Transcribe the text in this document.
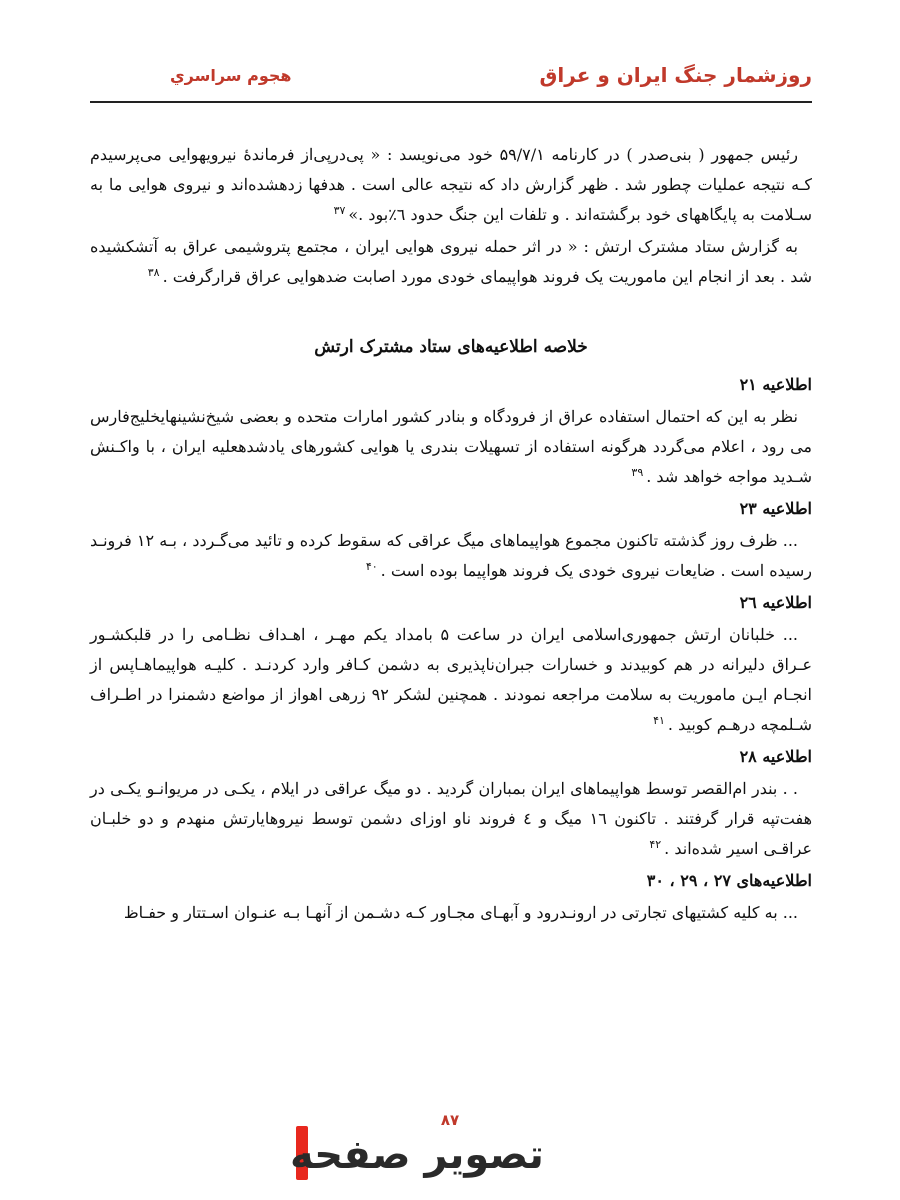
روزشمار جنگ ایران و عراق
هجوم سراسري

رئیس جمهور ( بنی‌صدر ) در کارنامه ۵۹/۷/۱ خود می‌نویسد : « پی‌درپی‌از فرماندهٔ نیرویهوایی می‌پرسیدم کـه نتیجه عملیات چطور شد . ظهر گزارش داد که نتیجه عالی است . هدفها زدهشده‌اند و نیروی هوایی ما به سـلامت به پایگاههای خود برگشته‌اند . و تلفات این جنگ حدود ٦٪بود .»$^{۳۷}$

به گزارش ستاد مشترک ارتش : « در اثر حمله نیروی هوایی ایران ، مجتمع پتروشیمی عراق به آتشکشیده شد . بعد از انجام این ماموریت یک فروند هواپیمای خودی مورد اصابت ضدهوایی عراق قرارگرفت .$^{۳۸}$

خلاصه اطلاعیه‌های ستاد مشترک ارتش

اطلاعیه ۲۱

نظر به این که احتمال استفاده عراق از فرودگاه و بنادر کشور امارات متحده و بعضی شیخ‌نشینهایخلیج‌فارس می رود ، اعلام می‌گردد هرگونه استفاده از تسهیلات بندری یا هوایی کشورهای یادشدهعلیه ایران ، با واکـنش شـدید مواجه خواهد شد .$^{۳۹}$

اطلاعیه ۲۳

... ظرف روز گذشته تاکنون مجموع هواپیماهای میگ عراقی که سقوط کرده و تائید می‌گـردد ، بـه ۱۲ فرونـد رسیده است . ضایعات نیروی خودی یک فروند هواپیما بوده است .$^{۴۰}$

اطلاعیه ۲٦

... خلبانان ارتش جمهوری‌اسلامی ایران در ساعت ۵ بامداد یکم مهـر ، اهـداف نظـامی را در قلبکشـور عـراق دلیرانه در هم کوبیدند و خسارات جبران‌ناپذیری به دشمن کـافر وارد کردنـد . کلیـه هواپیماهـاپس از انجـام ایـن ماموریت به سلامت مراجعه نمودند . همچنین لشکر ۹۲ زرهی اهواز از مواضع دشمنرا در اطـراف شـلمچه درهـم کوبید .$^{۴۱}$

اطلاعیه ۲۸

. . بندر ام‌القصر توسط هواپیماهای ایران بمباران گردید . دو میگ عراقی در ایلام ، یکـی در مریوانـو یکـی در هفت‌تپه قرار گرفتند . تاکنون ١٦ میگ و ٤ فروند ناو اوزای دشمن توسط نیروهایارتش منهدم و دو خلبـان عراقـی اسیر شده‌اند .$^{۴۲}$

اطلاعیه‌های ۲۷ ، ۲۹ ، ۳۰

... به کلیه کشتیهای تجارتی در ارونـدرود و آبهـای مجـاور کـه دشـمن از آنهـا بـه عنـوان اسـتتار و حفـاظ

۸۷
تصویر صفحه
